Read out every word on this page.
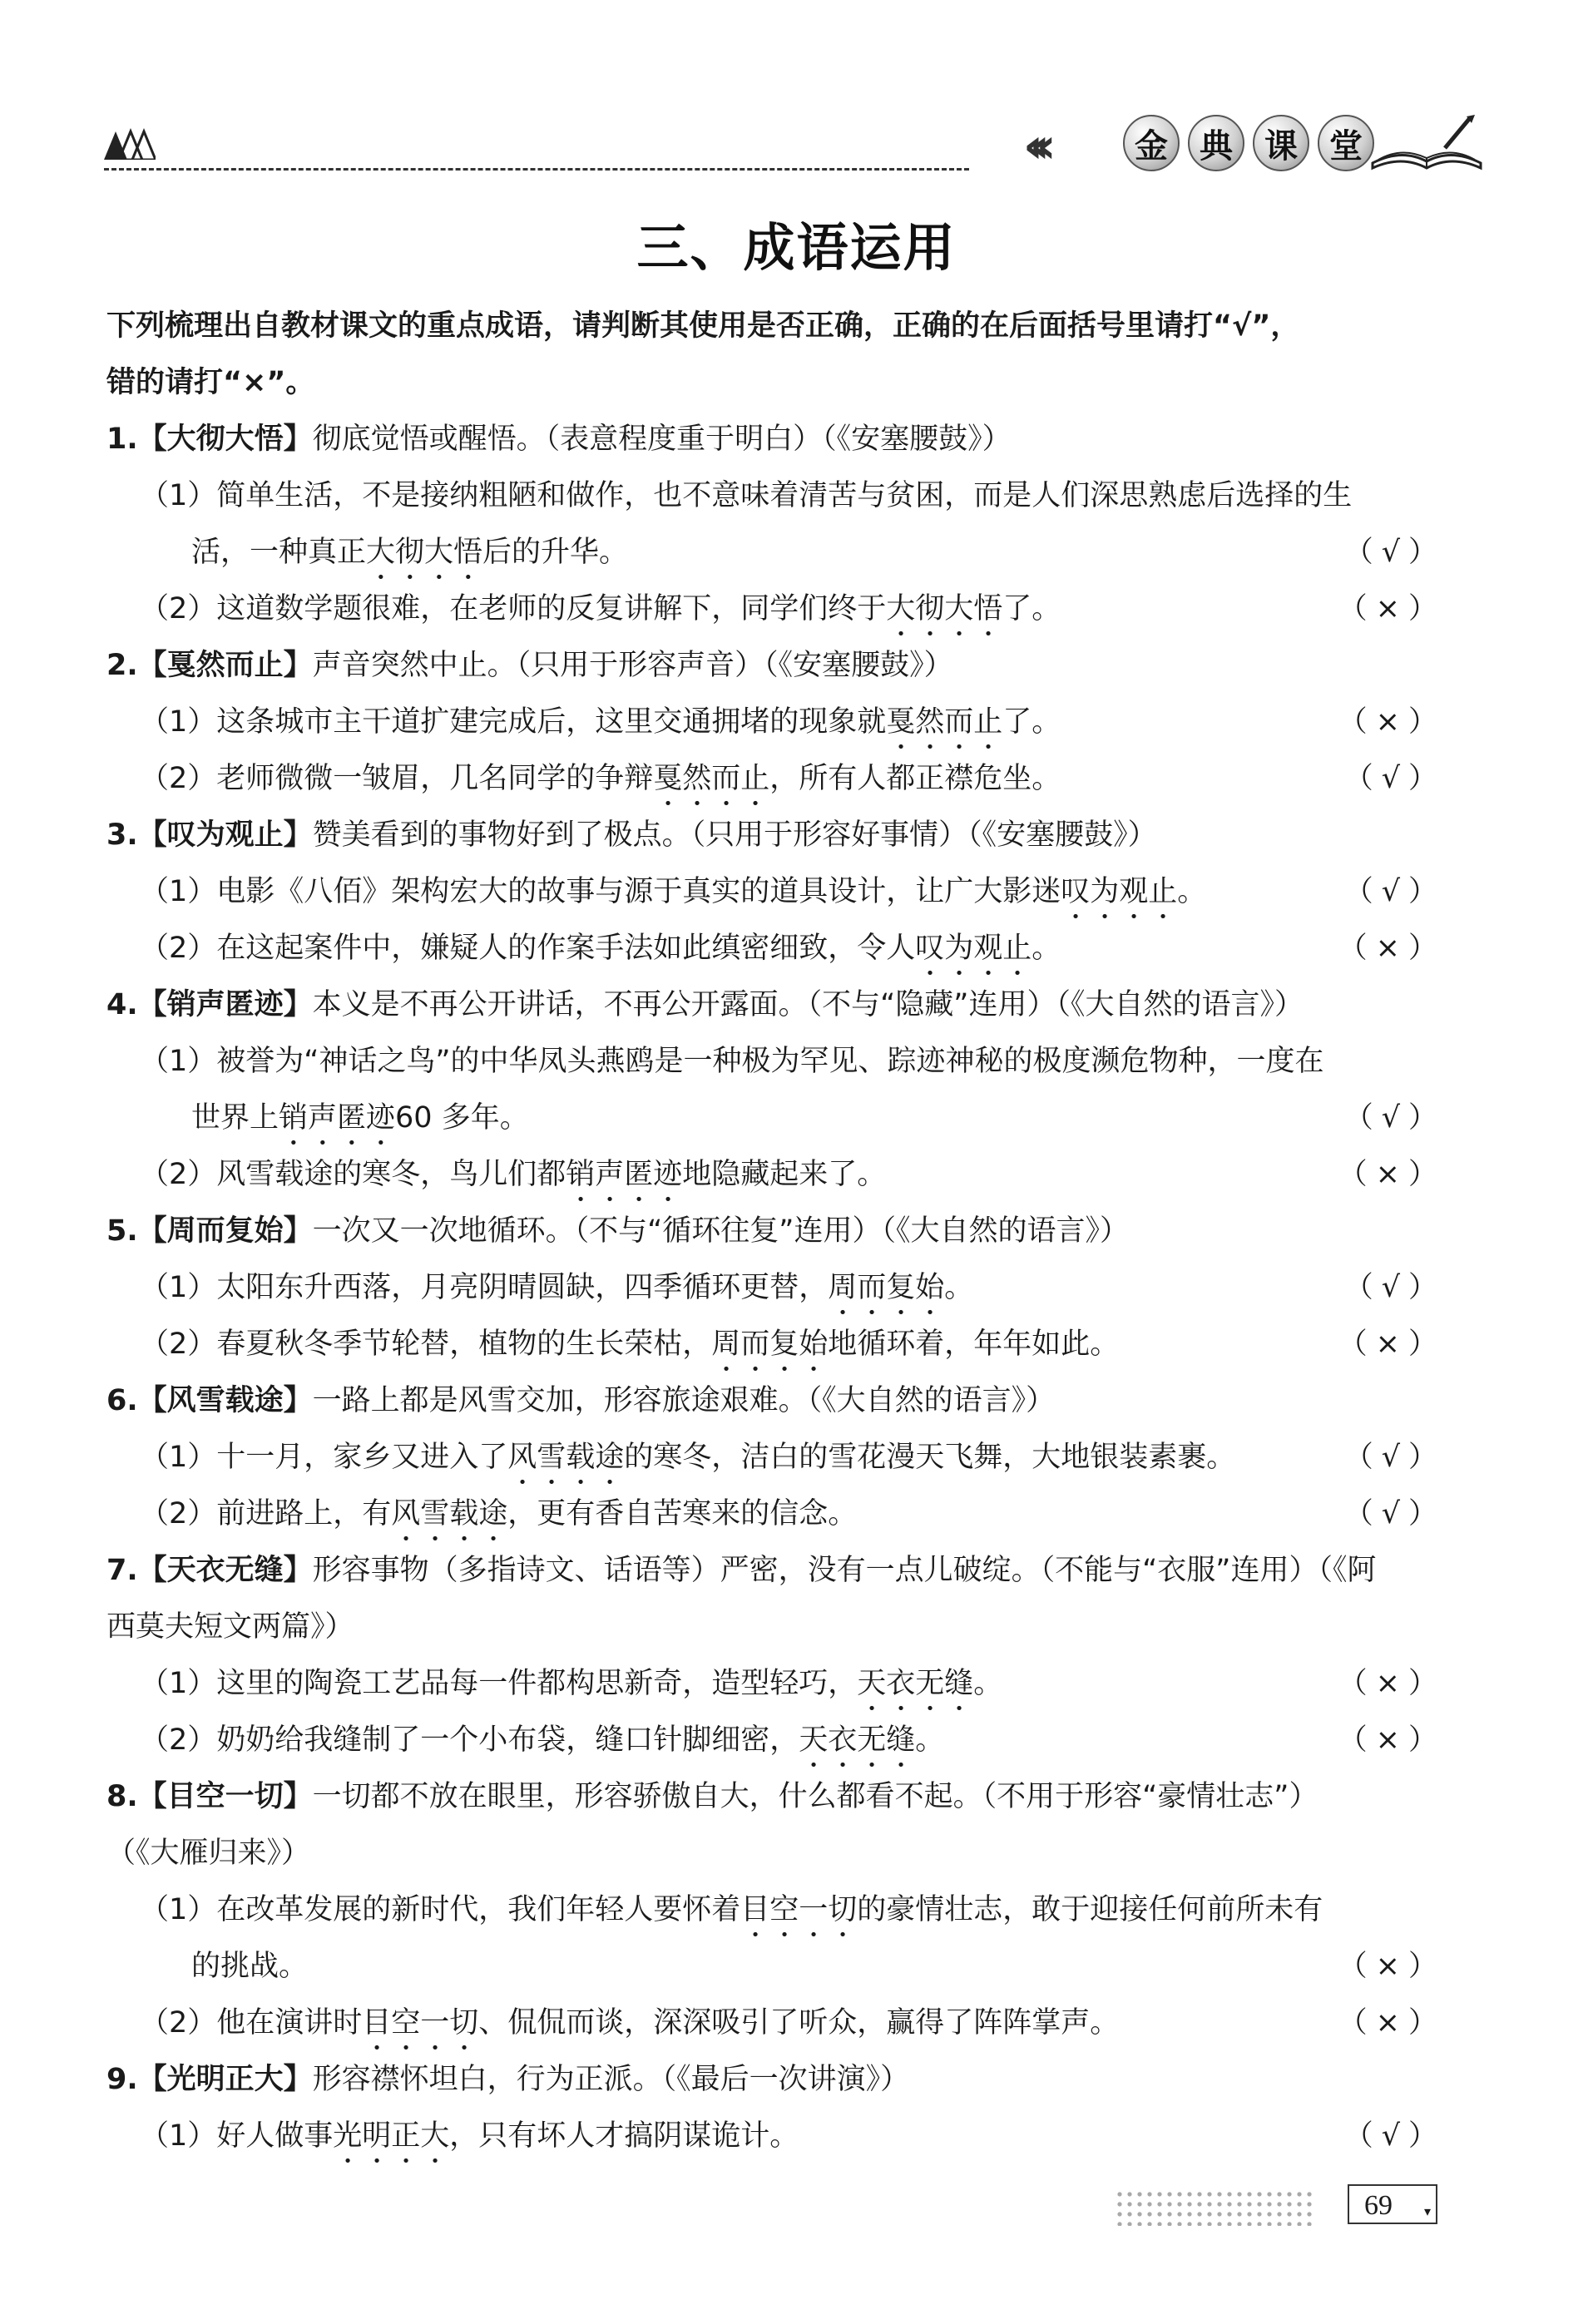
‹‹‹	金 典 课 堂
三、成语运用
下列梳理出自教材课文的重点成语，请判断其使用是否正确，正确的在后面括号里请打“√”，
错的请打“×”。
1.【大彻大悟】彻底觉悟或醒悟。（表意程度重于明白）（《安塞腰鼓》）
（1）简单生活，不是接纳粗陋和做作，也不意味着清苦与贫困，而是人们深思熟虑后选择的生
活，一种真正大彻大悟后的升华。	（√）
（2）这道数学题很难，在老师的反复讲解下，同学们终于大彻大悟了。	（×）
2.【戛然而止】声音突然中止。（只用于形容声音）（《安塞腰鼓》）
（1）这条城市主干道扩建完成后，这里交通拥堵的现象就戛然而止了。	（×）
（2）老师微微一皱眉，几名同学的争辩戛然而止，所有人都正襟危坐。	（√）
3.【叹为观止】赞美看到的事物好到了极点。（只用于形容好事情）（《安塞腰鼓》）
（1）电影《八佰》架构宏大的故事与源于真实的道具设计，让广大影迷叹为观止。	（√）
（2）在这起案件中，嫌疑人的作案手法如此缜密细致，令人叹为观止。	（×）
4.【销声匿迹】本义是不再公开讲话，不再公开露面。（不与“隐藏”连用）（《大自然的语言》）
（1）被誉为“神话之鸟”的中华凤头燕鸥是一种极为罕见、踪迹神秘的极度濒危物种，一度在
世界上销声匿迹60 多年。	（√）
（2）风雪载途的寒冬，鸟儿们都销声匿迹地隐藏起来了。	（×）
5.【周而复始】一次又一次地循环。（不与“循环往复”连用）（《大自然的语言》）
（1）太阳东升西落，月亮阴晴圆缺，四季循环更替，周而复始。	（√）
（2）春夏秋冬季节轮替，植物的生长荣枯，周而复始地循环着，年年如此。	（×）
6.【风雪载途】一路上都是风雪交加，形容旅途艰难。（《大自然的语言》）
（1）十一月，家乡又进入了风雪载途的寒冬，洁白的雪花漫天飞舞，大地银装素裹。	（√）
（2）前进路上，有风雪载途，更有香自苦寒来的信念。	（√）
7.【天衣无缝】形容事物（多指诗文、话语等）严密，没有一点儿破绽。（不能与“衣服”连用）（《阿
西莫夫短文两篇》）
（1）这里的陶瓷工艺品每一件都构思新奇，造型轻巧，天衣无缝。	（×）
（2）奶奶给我缝制了一个小布袋，缝口针脚细密，天衣无缝。	（×）
8.【目空一切】一切都不放在眼里，形容骄傲自大，什么都看不起。（不用于形容“豪情壮志”）
（《大雁归来》）
（1）在改革发展的新时代，我们年轻人要怀着目空一切的豪情壮志，敢于迎接任何前所未有
的挑战。	（×）
（2）他在演讲时目空一切、侃侃而谈，深深吸引了听众，赢得了阵阵掌声。	（×）
9.【光明正大】形容襟怀坦白，行为正派。（《最后一次讲演》）
（1）好人做事光明正大，只有坏人才搞阴谋诡计。	（√）
69 ▾
